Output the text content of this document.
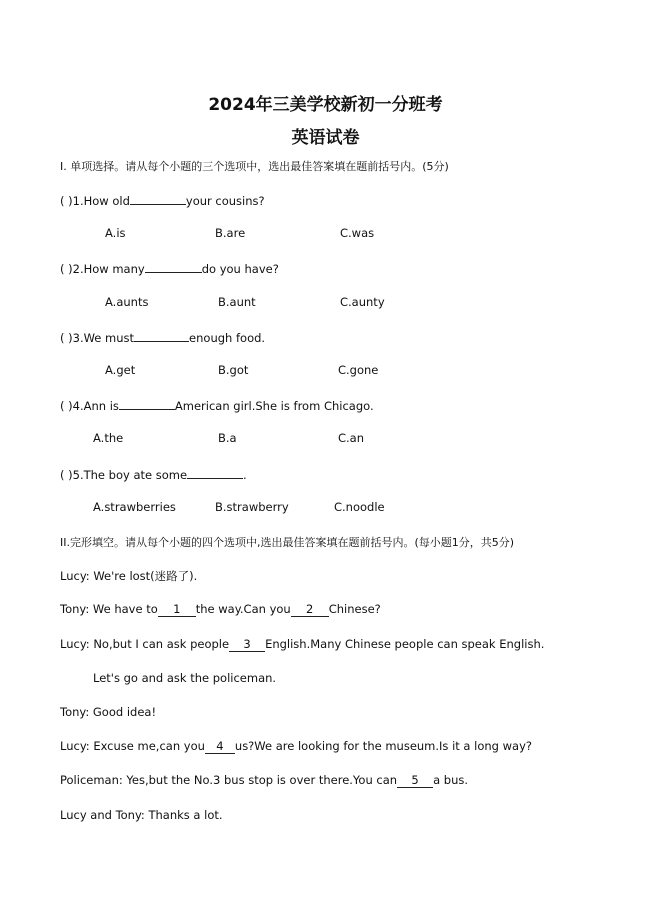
2024年三美学校新初一分班考
英语试卷
I. 单项选择。请从每个小题的三个选项中，选出最佳答案填在题前括号内。(5分)
( )1.How old	your cousins?
A.is	B.are	C.was
( )2.How many	do you have?
A.aunts	B.aunt	C.aunty
( )3.We must	enough food.
A.get	B.got	C.gone
( )4.Ann is	American girl.She is from Chicago.
A.the	B.a	C.an
( )5.The boy ate some	.
A.strawberries	B.strawberry	C.noodle
II.完形填空。请从每个小题的四个选项中,选出最佳答案填在题前括号内。(每小题1分，共5分)
Lucy: We're lost(迷路了).
Tony: We have to 1 the way.Can you 2 Chinese?
Lucy: No,but I can ask people 3 English.Many Chinese people can speak English.
Let's go and ask the policeman.
Tony: Good idea!
Lucy: Excuse me,can you 4 us?We are looking for the museum.Is it a long way?
Policeman: Yes,but the No.3 bus stop is over there.You can 5 a bus.
Lucy and Tony: Thanks a lot.
